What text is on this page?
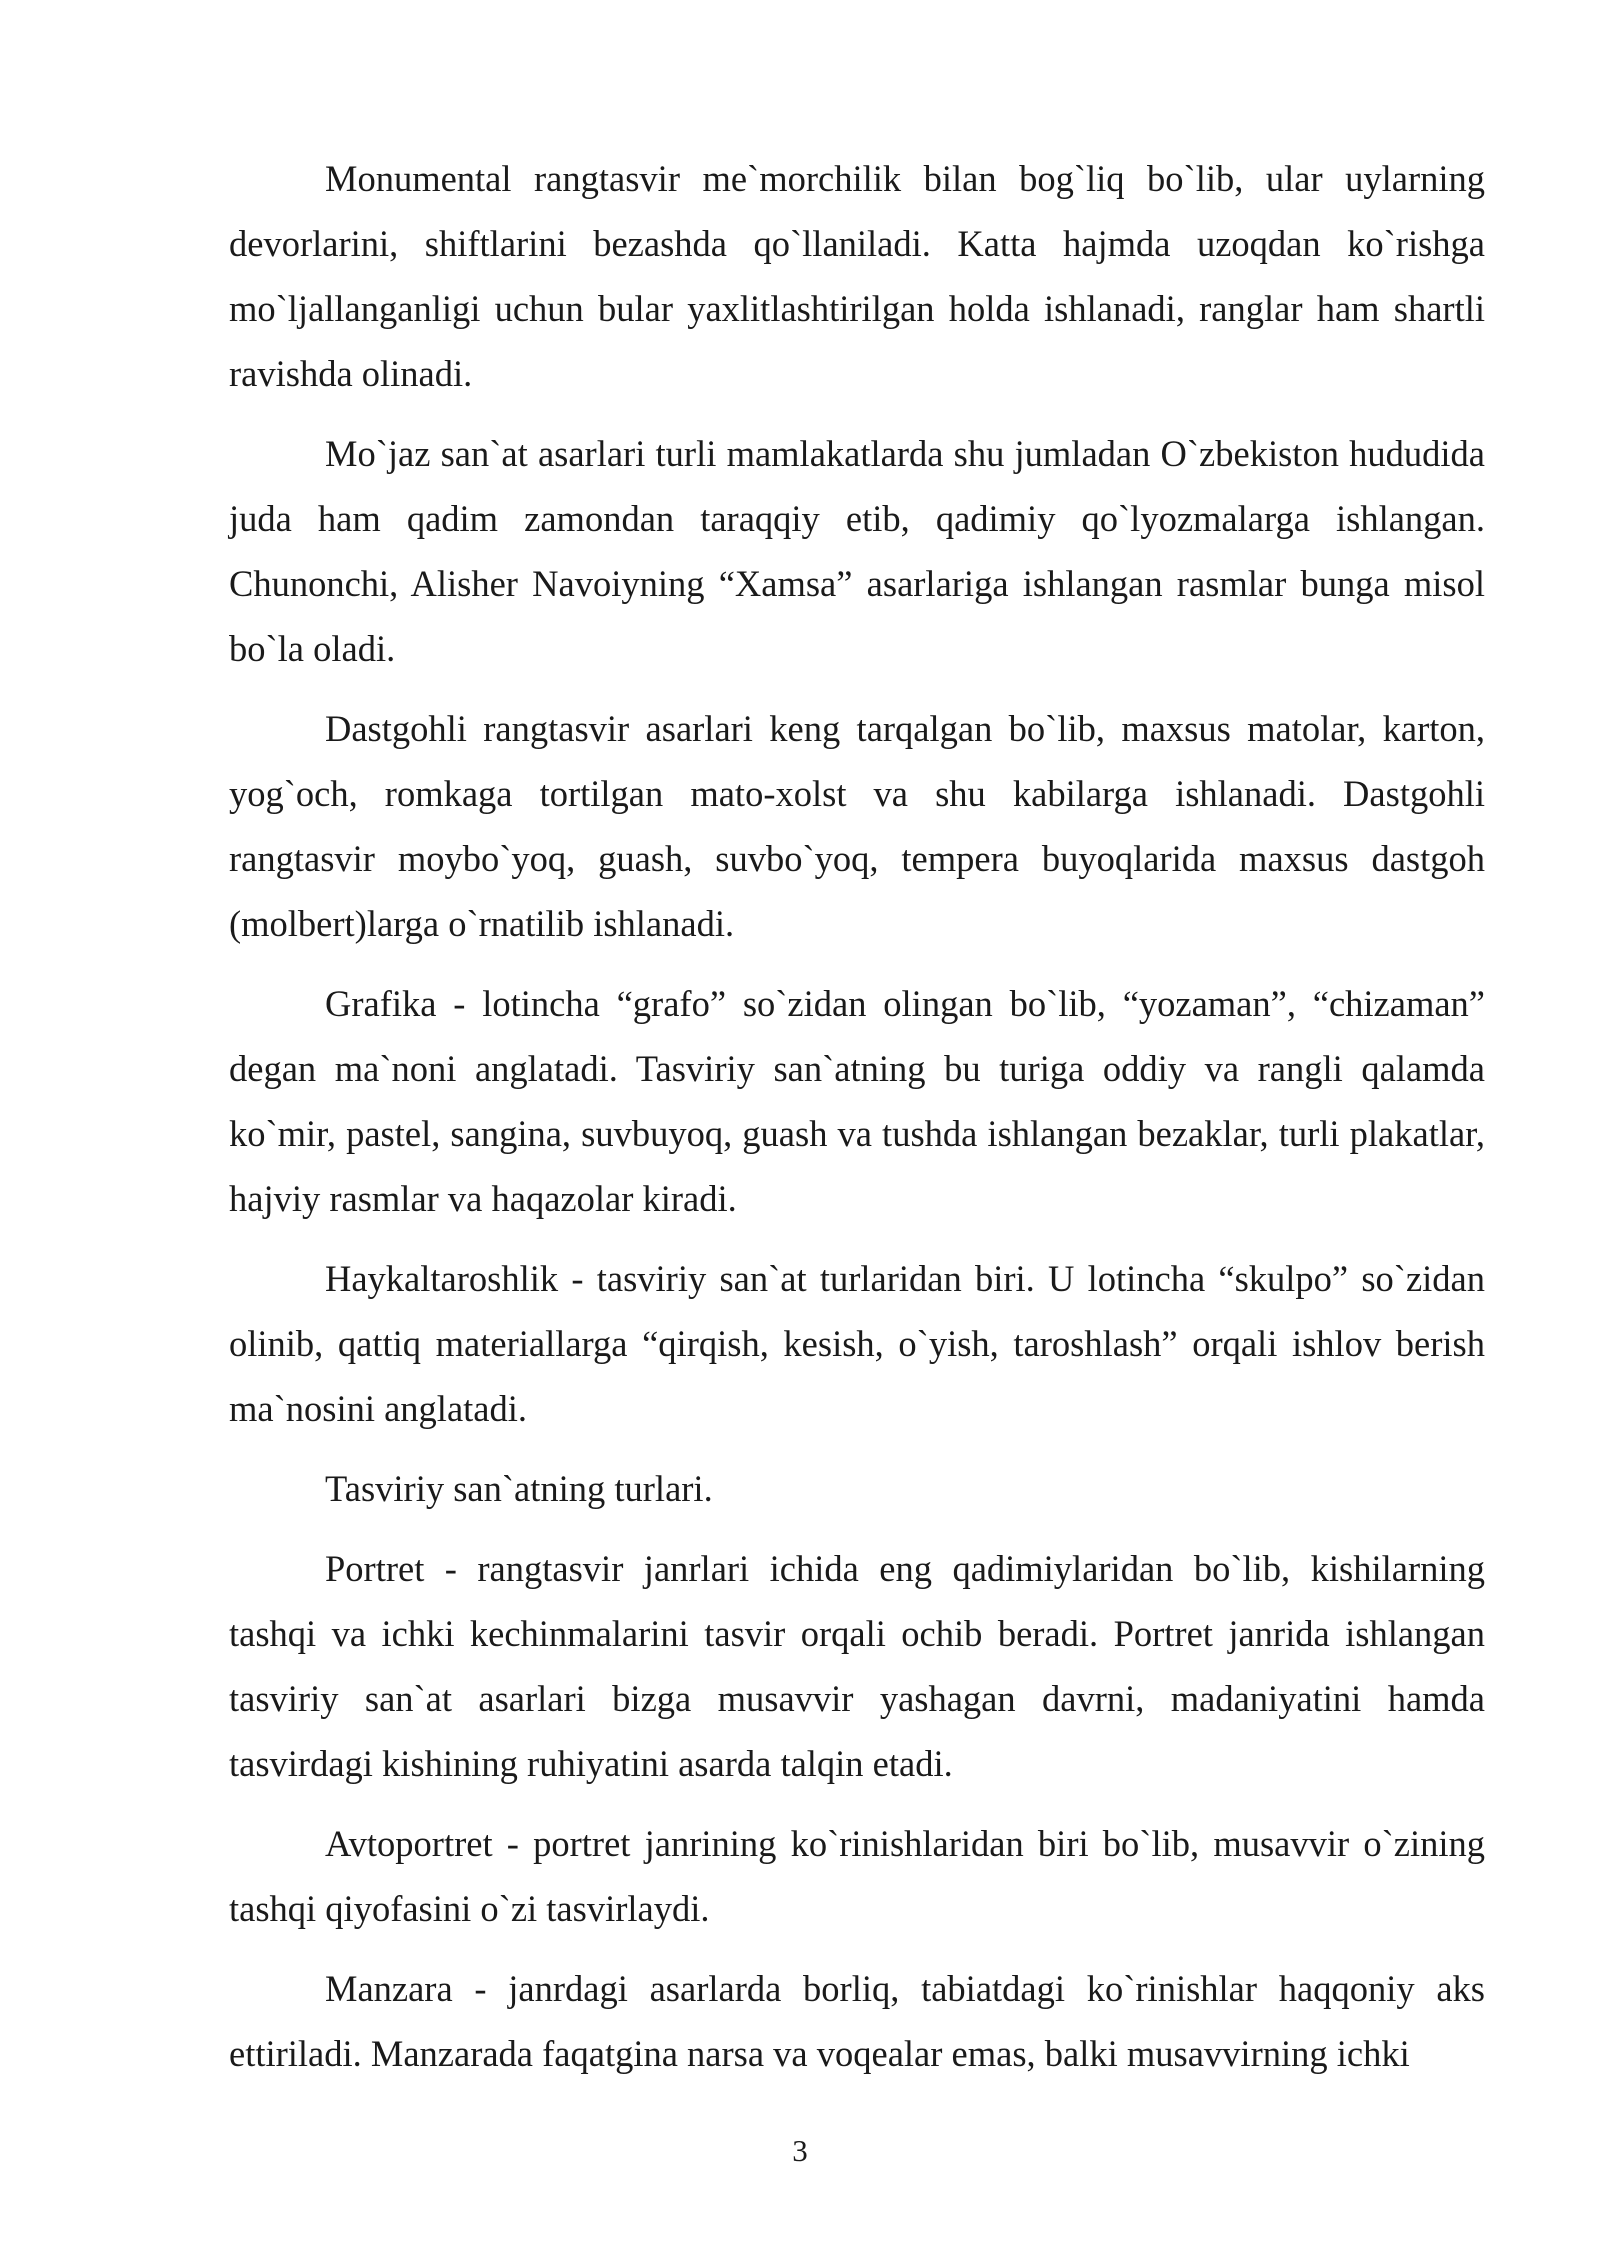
Monumental rangtasvir me`morchilik bilan bog`liq bo`lib, ular uylarning devorlarini, shiftlarini bezashda qo`llaniladi. Katta hajmda uzoqdan ko`rishga mo`ljallanganligi uchun bular yaxlitlashtirilgan holda ishlanadi, ranglar ham shartli ravishda olinadi.

Mo`jaz san`at asarlari turli mamlakatlarda shu jumladan O`zbekiston hududida juda ham qadim zamondan taraqqiy etib, qadimiy qo`lyozmalarga ishlangan. Chunonchi, Alisher Navoiyning “Xamsa” asarlariga ishlangan rasmlar bunga misol bo`la oladi.

Dastgohli rangtasvir asarlari keng tarqalgan bo`lib, maxsus matolar, karton, yog`och, romkaga tortilgan mato-xolst va shu kabilarga ishlanadi. Dastgohli rangtasvir moybo`yoq, guash, suvbo`yoq, tempera buyoqlarida maxsus dastgoh (molbert)larga o`rnatilib ishlanadi.

Grafika - lotincha “grafo” so`zidan olingan bo`lib, “yozaman”, “chizaman” degan ma`noni anglatadi. Tasviriy san`atning bu turiga oddiy va rangli qalamda ko`mir, pastel, sangina, suvbuyoq, guash va tushda ishlangan bezaklar, turli plakatlar, hajviy rasmlar va haqazolar kiradi.

Haykaltaroshlik - tasviriy san`at turlaridan biri. U lotincha “skulpo” so`zidan olinib, qattiq materiallarga “qirqish, kesish, o`yish, taroshlash” orqali ishlov berish ma`nosini anglatadi.

Tasviriy san`atning turlari.

Portret - rangtasvir janrlari ichida eng qadimiylaridan bo`lib, kishilarning tashqi va ichki kechinmalarini tasvir orqali ochib beradi. Portret janrida ishlangan tasviriy san`at asarlari bizga musavvir yashagan davrni, madaniyatini hamda tasvirdagi kishining ruhiyatini asarda talqin etadi.

Avtoportret - portret janrining ko`rinishlaridan biri bo`lib, musavvir o`zining tashqi qiyofasini o`zi tasvirlaydi.

Manzara - janrdagi asarlarda borliq, tabiatdagi ko`rinishlar haqqoniy aks ettiriladi. Manzarada faqatgina narsa va voqealar emas, balki musavvirning ichki

3
